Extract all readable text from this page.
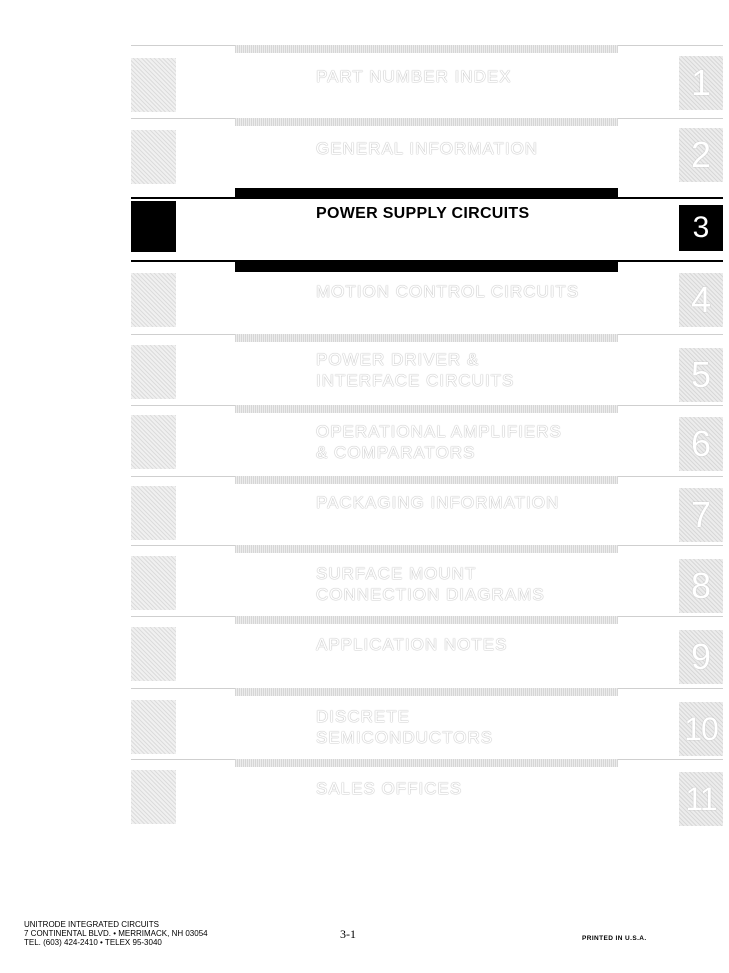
PART NUMBER INDEX	1
GENERAL INFORMATION	2
POWER SUPPLY CIRCUITS	3
MOTION CONTROL CIRCUITS	4
POWER DRIVER &
INTERFACE CIRCUITS	5
OPERATIONAL AMPLIFIERS
& COMPARATORS	6
PACKAGING INFORMATION	7
SURFACE MOUNT
CONNECTION DIAGRAMS	8
APPLICATION NOTES	9
DISCRETE
SEMICONDUCTORS	10
SALES OFFICES	11
UNITRODE INTEGRATED CIRCUITS
7 CONTINENTAL BLVD. • MERRIMACK, NH 03054
TEL. (603) 424-2410 • TELEX 95-3040
3-1	PRINTED IN U.S.A.
